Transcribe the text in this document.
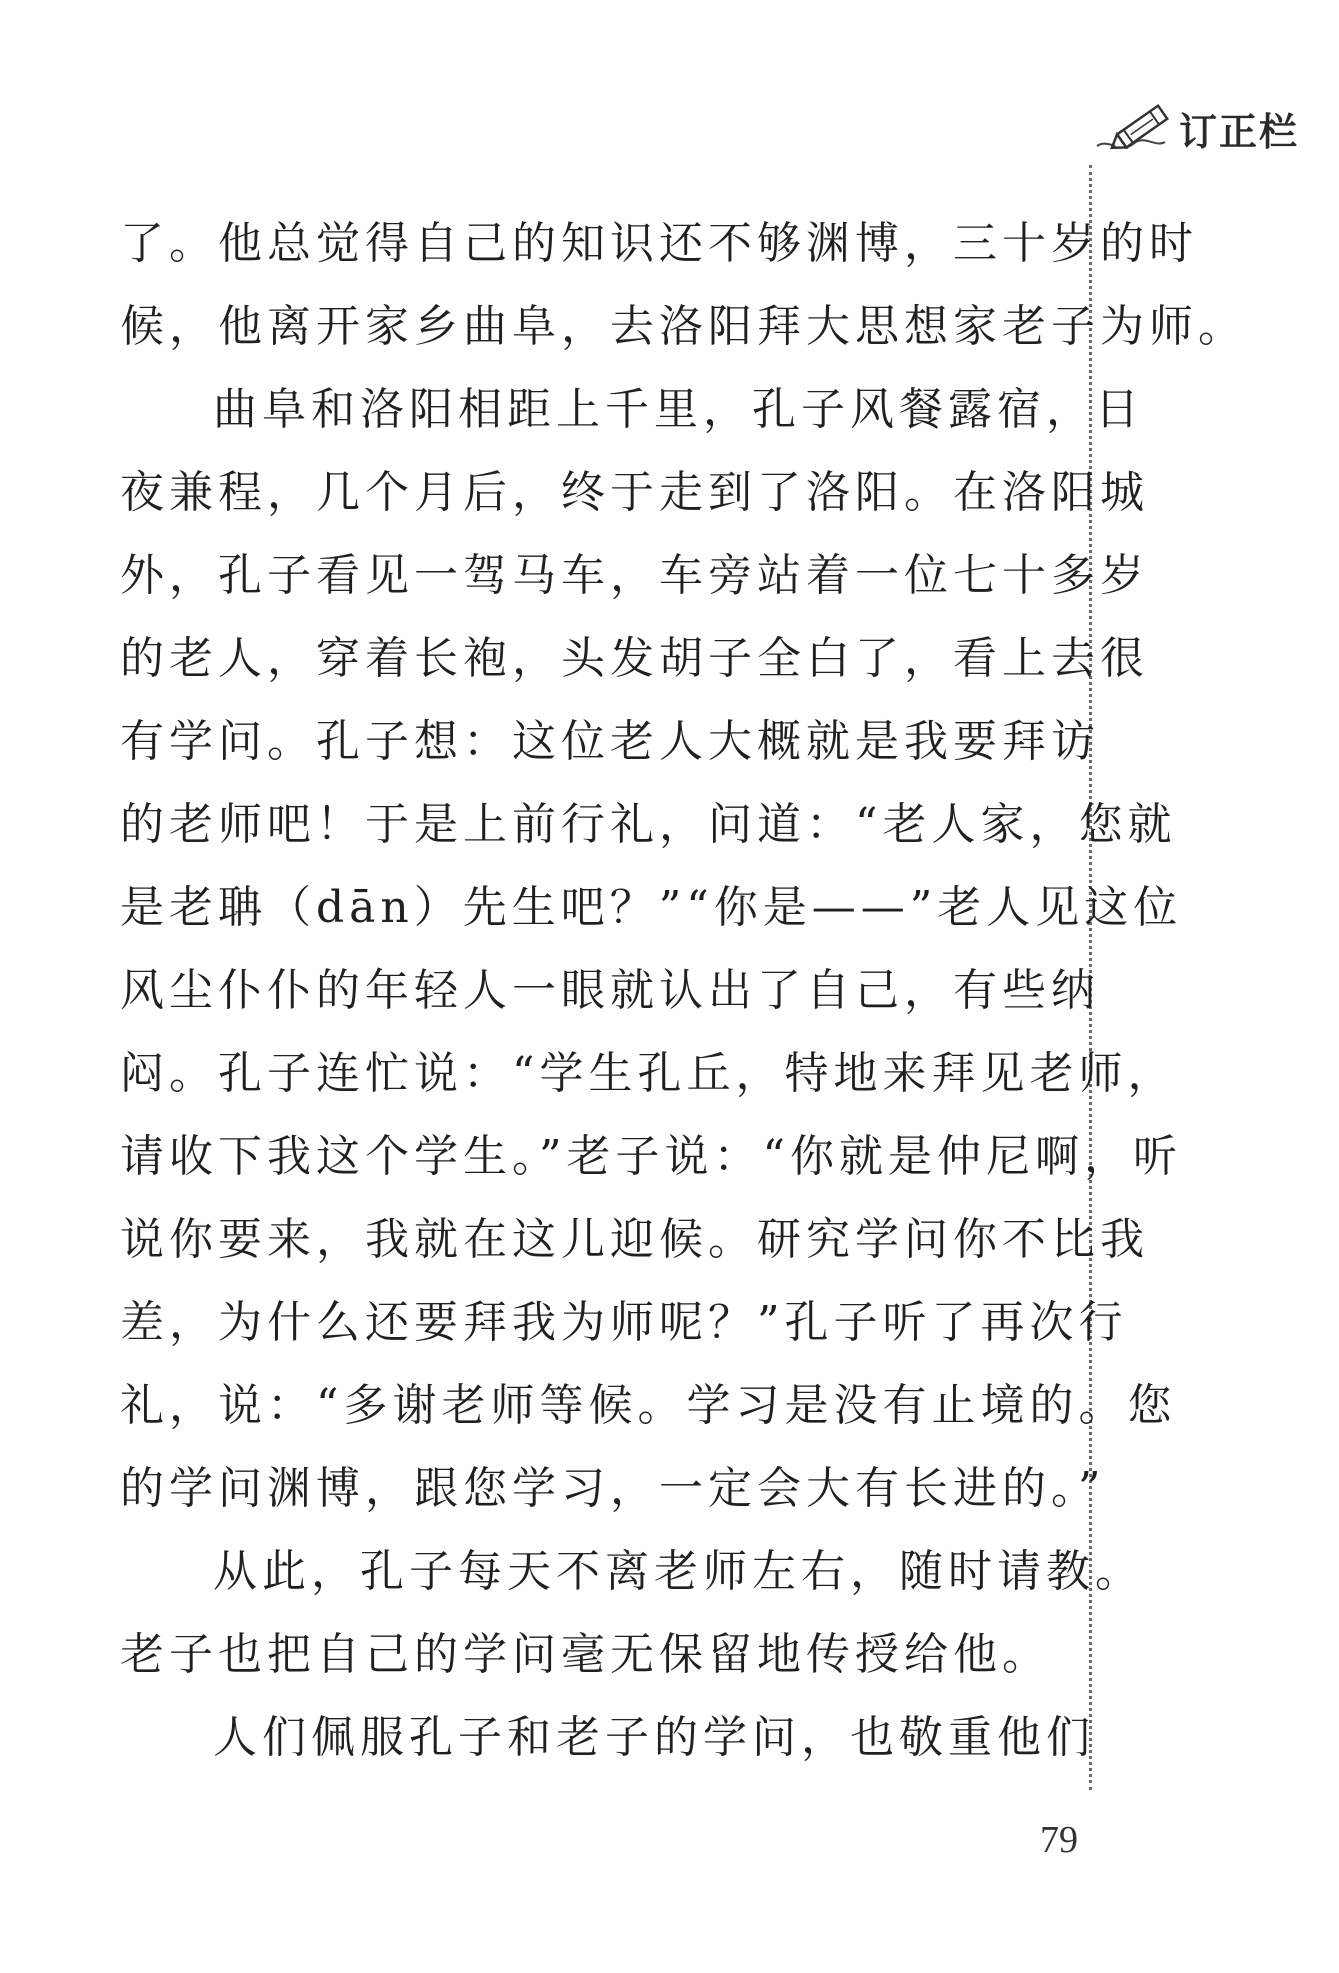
订正栏
了。他总觉得自己的知识还不够渊博，三十岁的时
候，他离开家乡曲阜，去洛阳拜大思想家老子为师。
曲阜和洛阳相距上千里，孔子风餐露宿，日
夜兼程，几个月后，终于走到了洛阳。在洛阳城
外，孔子看见一驾马车，车旁站着一位七十多岁
的老人，穿着长袍，头发胡子全白了，看上去很
有学问。孔子想：这位老人大概就是我要拜访
的老师吧！于是上前行礼，问道：“老人家，您就
是老聃（dān）先生吧？”“你是——”老人见这位
风尘仆仆的年轻人一眼就认出了自己，有些纳
闷。孔子连忙说：“学生孔丘，特地来拜见老师，
请收下我这个学生。”老子说：“你就是仲尼啊，听
说你要来，我就在这儿迎候。研究学问你不比我
差，为什么还要拜我为师呢？”孔子听了再次行
礼，说：“多谢老师等候。学习是没有止境的。您
的学问渊博，跟您学习，一定会大有长进的。”
从此，孔子每天不离老师左右，随时请教。
老子也把自己的学问毫无保留地传授给他。
人们佩服孔子和老子的学问，也敬重他们
79
